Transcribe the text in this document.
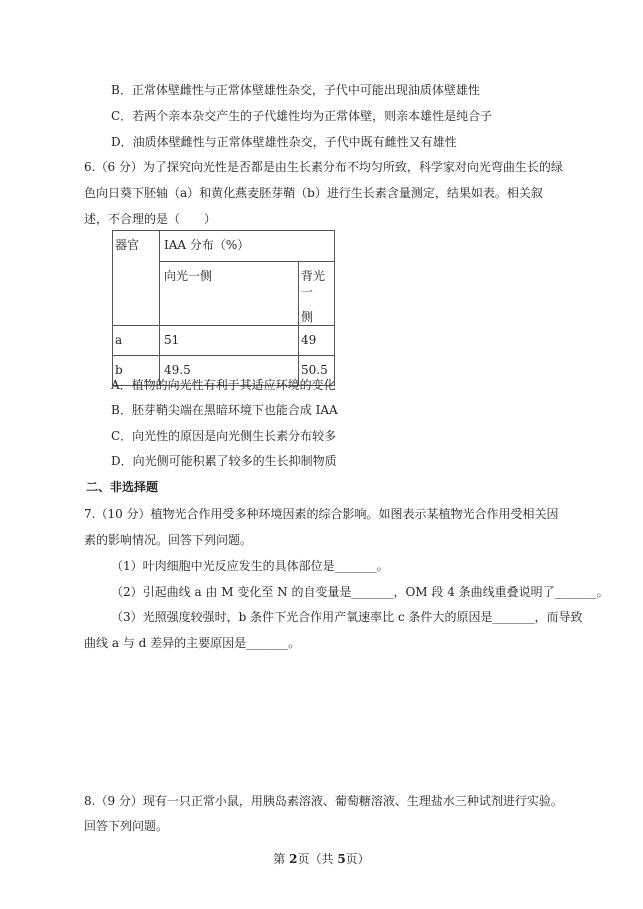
B．正常体壁雌性与正常体壁雄性杂交，子代中可能出现油质体壁雄性
C．若两个亲本杂交产生的子代雄性均为正常体壁，则亲本雄性是纯合子
D．油质体壁雌性与正常体壁雄性杂交，子代中既有雌性又有雄性
6.（6 分）为了探究向光性是否都是由生长素分布不均匀所致，科学家对向光弯曲生长的绿
色向日葵下胚轴（a）和黄化燕麦胚芽鞘（b）进行生长素含量测定，结果如表。相关叙
述，不合理的是（　　）
器官	IAA 分布（%）	

	向光一侧	背光一
侧

a	51	49

b	49.5	50.5
A．植物的向光性有利于其适应环境的变化
B．胚芽鞘尖端在黑暗环境下也能合成 IAA
C．向光性的原因是向光侧生长素分布较多
D．向光侧可能积累了较多的生长抑制物质
二、非选择题
7.（10 分）植物光合作用受多种环境因素的综合影响。如图表示某植物光合作用受相关因
素的影响情况。回答下列问题。
（1）叶肉细胞中光反应发生的具体部位是_______。
（2）引起曲线 a 由 M 变化至 N 的自变量是_______，OM 段 4 条曲线重叠说明了_______。
（3）光照强度较强时，b 条件下光合作用产氧速率比 c 条件大的原因是_______，而导致
曲线 a 与 d 差异的主要原因是_______。
8.（9 分）现有一只正常小鼠，用胰岛素溶液、葡萄糖溶液、生理盐水三种试剂进行实验。
回答下列问题。
第 2页（共 5页）
